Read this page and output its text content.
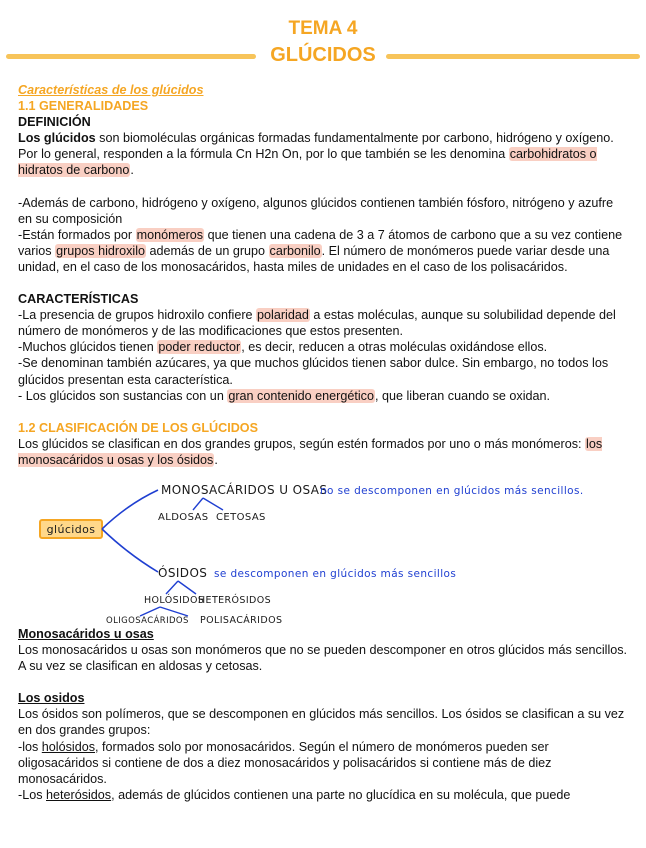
TEMA 4
GLÚCIDOS

Características de los glúcidos

1.1 GENERALIDADES

DEFINICIÓN

Los glúcidos son biomoléculas orgánicas formadas fundamentalmente por carbono, hidrógeno y oxígeno. Por lo general, responden a la fórmula Cn H2n On, por lo que también se les denomina carbohidratos o hidratos de carbono.

-Además de carbono, hidrógeno y oxígeno, algunos glúcidos contienen también fósforo, nitrógeno y azufre en su composición

-Están formados por monómeros que tienen una cadena de 3 a 7 átomos de carbono que a su vez contiene varios grupos hidroxilo además de un grupo carbonilo. El número de monómeros puede variar desde una unidad, en el caso de los monosacáridos, hasta miles de unidades en el caso de los polisacáridos.

CARACTERÍSTICAS

-La presencia de grupos hidroxilo confiere polaridad a estas moléculas, aunque su solubilidad depende del número de monómeros y de las modificaciones que estos presenten.

-Muchos glúcidos tienen poder reductor, es decir, reducen a otras moléculas oxidándose ellos.

-Se denominan también azúcares, ya que muchos glúcidos tienen sabor dulce. Sin embargo, no todos los glúcidos presentan esta característica.

- Los glúcidos son sustancias con un gran contenido energético, que liberan cuando se oxidan.

1.2 CLASIFICACIÓN DE LOS GLÚCIDOS

Los glúcidos se clasifican en dos grandes grupos, según estén formados por uno o más monómeros: los monosacáridos u osas y los ósidos.

glúcidos
MONOSACÁRIDOS U OSAS
no se descomponen en glúcidos más sencillos.
ALDOSAS CETOSAS
ÓSIDOS se descomponen en glúcidos más sencillos
HOLÓSIDOS
HETERÓSIDOS
OLIGOSACÁRIDOS POLISACÁRIDOS

Monosacáridos u osas

Los monosacáridos u osas son monómeros que no se pueden descomponer en otros glúcidos más sencillos. A su vez se clasifican en aldosas y cetosas.

Los osidos

Los ósidos son polímeros, que se descomponen en glúcidos más sencillos. Los ósidos se clasifican a su vez en dos grandes grupos:

-los holósidos, formados solo por monosacáridos. Según el número de monómeros pueden ser oligosacáridos si contiene de dos a diez monosacáridos y polisacáridos si contiene más de diez monosacáridos.

-Los heterósidos, además de glúcidos contienen una parte no glucídica en su molécula, que puede
